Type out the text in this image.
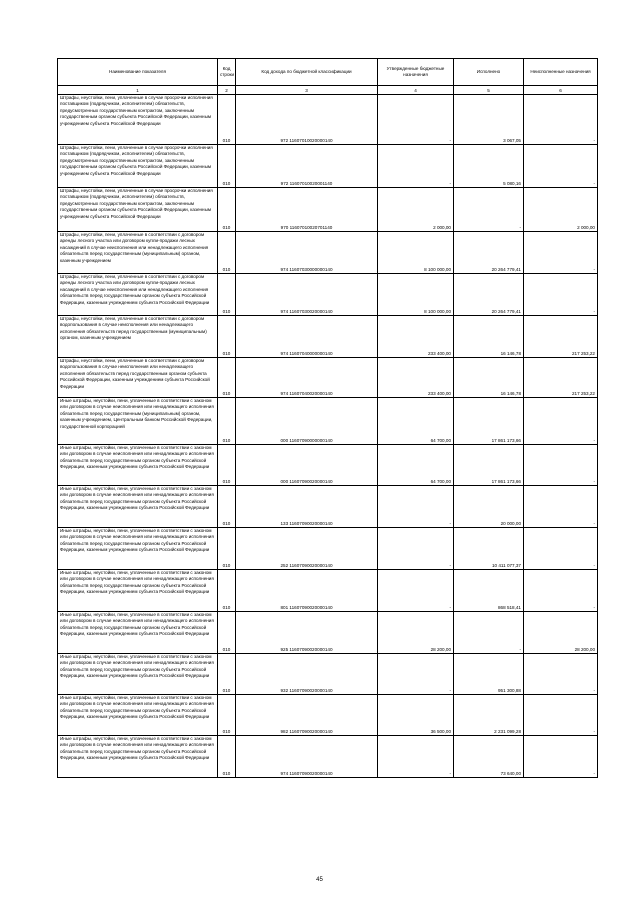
Наименование показателя	Код строки	Код дохода по бюджетной классификации	Утвержденные бюджетные назначения	Исполнено	Неисполненные назначения
1	2	3	4	5	6
Штрафы, неустойки, пени, уплаченные в случае просрочки исполнения поставщиком (подрядчиком, исполнителем) обязательств, предусмотренных государственным контрактом, заключенным государственным органом субъекта Российской Федерации, казенным учреждением субъекта Российской Федерации	010	972 11607010020000140	-	3 067,05	-
Штрафы, неустойки, пени, уплаченные в случае просрочки исполнения поставщиком (подрядчиком, исполнителем) обязательств, предусмотренных государственным контрактом, заключенным государственным органом субъекта Российской Федерации, казенным учреждением субъекта Российской Федерации	010	972 11607010020001140	-	5 080,16	-
Штрафы, неустойки, пени, уплаченные в случае просрочки исполнения поставщиком (подрядчиком, исполнителем) обязательств, предусмотренных государственным контрактом, заключенным государственным органом субъекта Российской Федерации, казенным учреждением субъекта Российской Федерации	010	970 11607010020701140	2 000,00	-	2 000,00
Штрафы, неустойки, пени, уплаченные в соответствии с договором аренды лесного участка или договором купли-продажи лесных насаждений в случае неисполнения или ненадлежащего исполнения обязательств перед государственным (муниципальным) органом, казенным учреждением	010	974 11607030000000140	8 100 000,00	20 264 779,41	-
Штрафы, неустойки, пени, уплаченные в соответствии с договором аренды лесного участка или договором купли-продажи лесных насаждений в случае неисполнения или ненадлежащего исполнения обязательств перед государственным органом субъекта Российской Федерации, казенным учреждением субъекта Российской Федерации	010	974 11607030020000140	8 100 000,00	20 264 779,41	-
Штрафы, неустойки, пени, уплаченные в соответствии с договором водопользования в случае неисполнения или ненадлежащего исполнения обязательств перед государственным (муниципальным) органом, казенным учреждением	010	974 11607040000000140	233 400,00	16 146,78	217 253,22
Штрафы, неустойки, пени, уплаченные в соответствии с договором водопользования в случае неисполнения или ненадлежащего исполнения обязательств перед государственным органом субъекта Российской Федерации, казенным учреждением субъекта Российской Федерации	010	974 11607040020000140	233 400,00	16 146,78	217 253,22
Иные штрафы, неустойки, пени, уплаченные в соответствии с законом или договором в случае неисполнения или ненадлежащего исполнения обязательств перед государственным (муниципальным) органом, казенным учреждением, Центральным банком Российской Федерации, государственной корпорацией	010	000 11607090000000140	64 700,00	17 861 173,66	-
Иные штрафы, неустойки, пени, уплаченные в соответствии с законом или договором в случае неисполнения или ненадлежащего исполнения обязательств перед государственным органом субъекта Российской Федерации, казенным учреждением субъекта Российской Федерации	010	000 11607090020000140	64 700,00	17 861 173,66	-
Иные штрафы, неустойки, пени, уплаченные в соответствии с законом или договором в случае неисполнения или ненадлежащего исполнения обязательств перед государственным органом субъекта Российской Федерации, казенным учреждением субъекта Российской Федерации	010	133 11607090020000140	-	20 000,00	-
Иные штрафы, неустойки, пени, уплаченные в соответствии с законом или договором в случае неисполнения или ненадлежащего исполнения обязательств перед государственным органом субъекта Российской Федерации, казенным учреждением субъекта Российской Федерации	010	252 11607090020000140	-	10 411 077,37	-
Иные штрафы, неустойки, пени, уплаченные в соответствии с законом или договором в случае неисполнения или ненадлежащего исполнения обязательств перед государственным органом субъекта Российской Федерации, казенным учреждением субъекта Российской Федерации	010	801 11607090020000140	-	868 518,41	-
Иные штрафы, неустойки, пени, уплаченные в соответствии с законом или договором в случае неисполнения или ненадлежащего исполнения обязательств перед государственным органом субъекта Российской Федерации, казенным учреждением субъекта Российской Федерации	010	925 11607090020000140	28 200,00	-	28 200,00
Иные штрафы, неустойки, пени, уплаченные в соответствии с законом или договором в случае неисполнения или ненадлежащего исполнения обязательств перед государственным органом субъекта Российской Федерации, казенным учреждением субъекта Российской Федерации	010	932 11607090020000140	-	951 300,88	-
Иные штрафы, неустойки, пени, уплаченные в соответствии с законом или договором в случае неисполнения или ненадлежащего исполнения обязательств перед государственным органом субъекта Российской Федерации, казенным учреждением субъекта Российской Федерации	010	982 11607090020000140	36 500,00	2 231 099,28	-
Иные штрафы, неустойки, пени, уплаченные в соответствии с законом или договором в случае неисполнения или ненадлежащего исполнения обязательств перед государственным органом субъекта Российской Федерации, казенным учреждением субъекта Российской Федерации	010	974 11607090020000140	-	73 640,00	-
45
